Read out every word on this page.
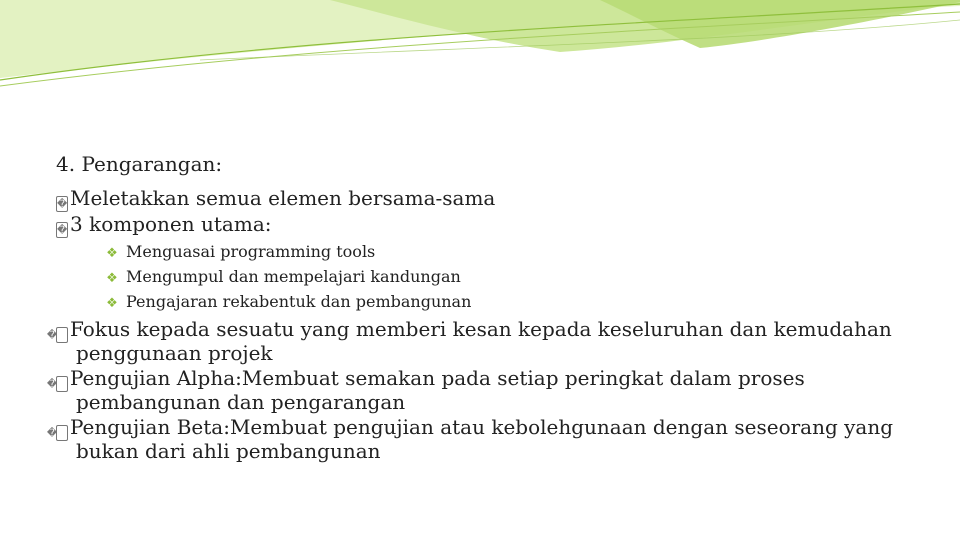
4. Pengarangan:

� Meletakkan semua elemen bersama-sama

� 3 komponen utama:

❖ Menguasai programming tools
❖ Mengumpul dan mempelajari kandungan
❖ Pengajaran rekabentuk dan pembangunan

� Fokus kepada sesuatu yang memberi kesan kepada keseluruhan dan kemudahan penggunaan projek

� Pengujian Alpha:Membuat semakan pada setiap peringkat dalam proses pembangunan dan pengarangan

� Pengujian Beta:Membuat pengujian atau kebolehgunaan dengan seseorang yang bukan dari ahli pembangunan
